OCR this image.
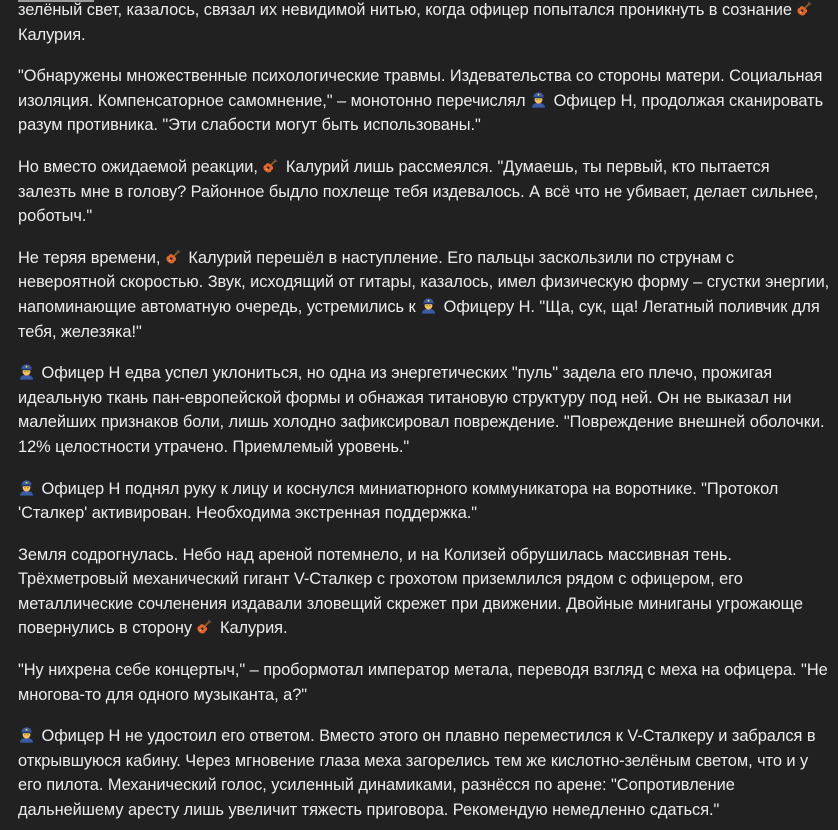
зелёный свет, казалось, связал их невидимой нитью, когда офицер попытался проникнуть в сознание
Калурия.

"Обнаружены множественные психологические травмы. Издевательства со стороны матери. Социальная изоляция. Компенсаторное самомнение," – монотонно перечислял
Офицер Н, продолжая сканировать разум противника. "Эти слабости могут быть использованы."

Но вместо ожидаемой реакции,
Калурий лишь рассмеялся. "Думаешь, ты первый, кто пытается залезть мне в голову? Районное быдло похлеще тебя издевалось. А всё что не убивает, делает сильнее, роботыч."

Не теряя времени,
Калурий перешёл в наступление. Его пальцы заскользили по струнам с невероятной скоростью. Звук, исходящий от гитары, казалось, имел физическую форму – сгустки энергии, напоминающие автоматную очередь, устремились к
Офицеру Н. "Ща, сук, ща! Легатный поливчик для тебя, железяка!"

Офицер Н едва успел уклониться, но одна из энергетических "пуль" задела его плечо, прожигая идеальную ткань пан-европейской формы и обнажая титановую структуру под ней. Он не выказал ни малейших признаков боли, лишь холодно зафиксировал повреждение. "Повреждение внешней оболочки. 12% целостности утрачено. Приемлемый уровень."

Офицер Н поднял руку к лицу и коснулся миниатюрного коммуникатора на воротнике. "Протокол 'Сталкер' активирован. Необходима экстренная поддержка."

Земля содрогнулась. Небо над ареной потемнело, и на Колизей обрушилась массивная тень. Трёхметровый механический гигант V-Сталкер с грохотом приземлился рядом с офицером, его металлические сочленения издавали зловещий скрежет при движении. Двойные миниганы угрожающе повернулись в сторону
Калурия.

"Ну нихрена себе концертыч," – пробормотал император метала, переводя взгляд с меха на офицера. "Не многова-то для одного музыканта, а?"

Офицер Н не удостоил его ответом. Вместо этого он плавно переместился к V-Сталкеру и забрался в открывшуюся кабину. Через мгновение глаза меха загорелись тем же кислотно-зелёным светом, что и у его пилота. Механический голос, усиленный динамиками, разнёсся по арене: "Сопротивление дальнейшему аресту лишь увеличит тяжесть приговора. Рекомендую немедленно сдаться."
